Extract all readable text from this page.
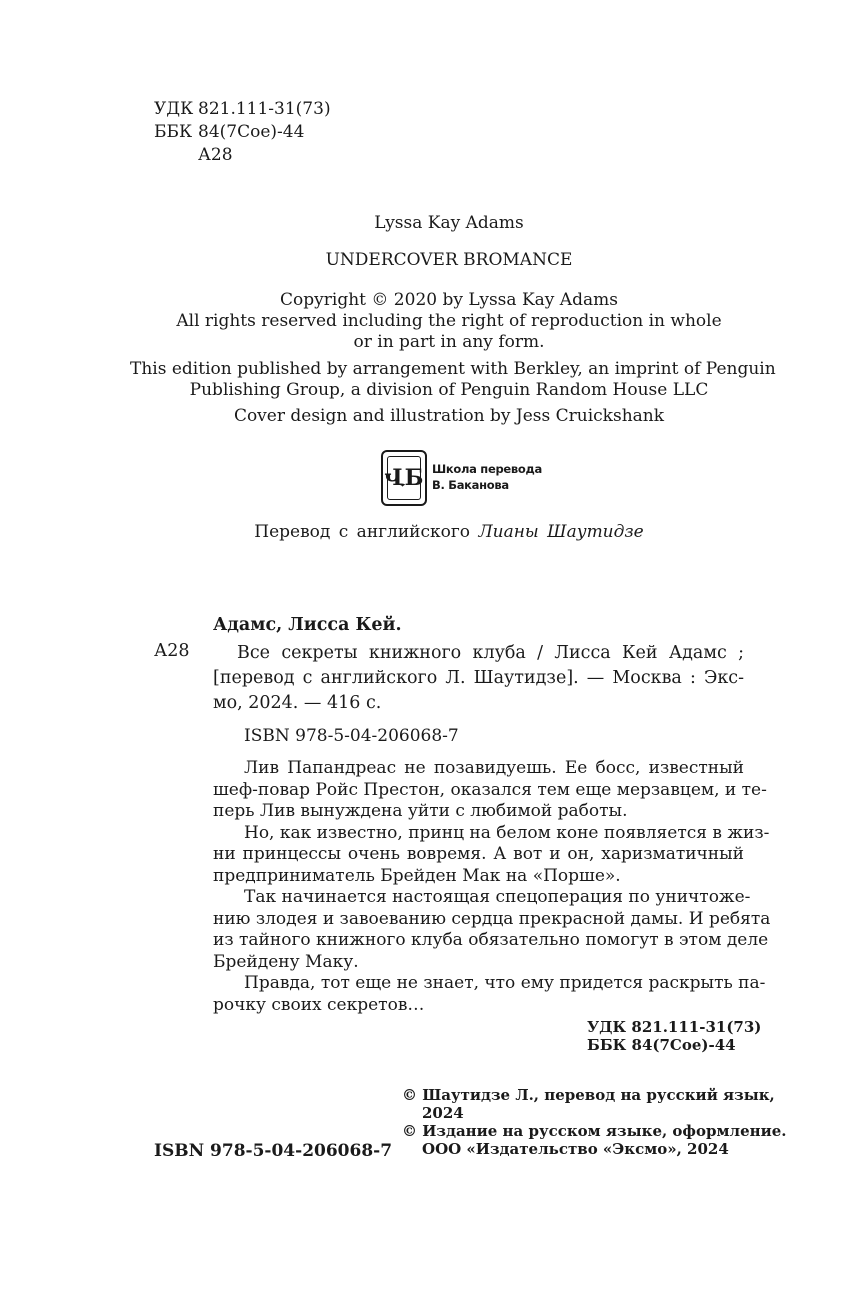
УДК 821.111-31(73)
ББК 84(7Сое)-44
А28
Lyssa Kay Adams
UNDERCOVER BROMANCE
Copyright © 2020 by Lyssa Kay Adams
All rights reserved including the right of reproduction in whole
or in part in any form.
This edition published by arrangement with Berkley, an imprint of Penguin
Publishing Group, a division of Penguin Random House LLC
Cover design and illustration by Jess Cruickshank
ՎБ Школа перевода
В. Баканова
Перевод с английского Лианы Шаутидзе
Адамс, Лисса Кей.
А28	Все секреты книжного клуба / Лисса Кей Адамс ;
[перевод с английского Л. Шаутидзе]. — Москва : Экс-
мо, 2024. — 416 с.
ISBN 978-5-04-206068-7
Лив Папандреас не позавидуешь. Ее босс, известный
шеф-повар Ройс Престон, оказался тем еще мерзавцем, и те-
перь Лив вынуждена уйти с любимой работы.
Но, как известно, принц на белом коне появляется в жиз-
ни принцессы очень вовремя. А вот и он, харизматичный
предприниматель Брейден Мак на «Порше».
Так начинается настоящая спецоперация по уничтоже-
нию злодея и завоеванию сердца прекрасной дамы. И ребята
из тайного книжного клуба обязательно помогут в этом деле
Брейдену Маку.
Правда, тот еще не знает, что ему придется раскрыть па-
рочку своих секретов…
УДК 821.111-31(73)
ББК 84(7Сое)-44
© Шаутидзе Л., перевод на русский язык,
2024
© Издание на русском языке, оформление.
ООО «Издательство «Эксмо», 2024
ISBN 978-5-04-206068-7
